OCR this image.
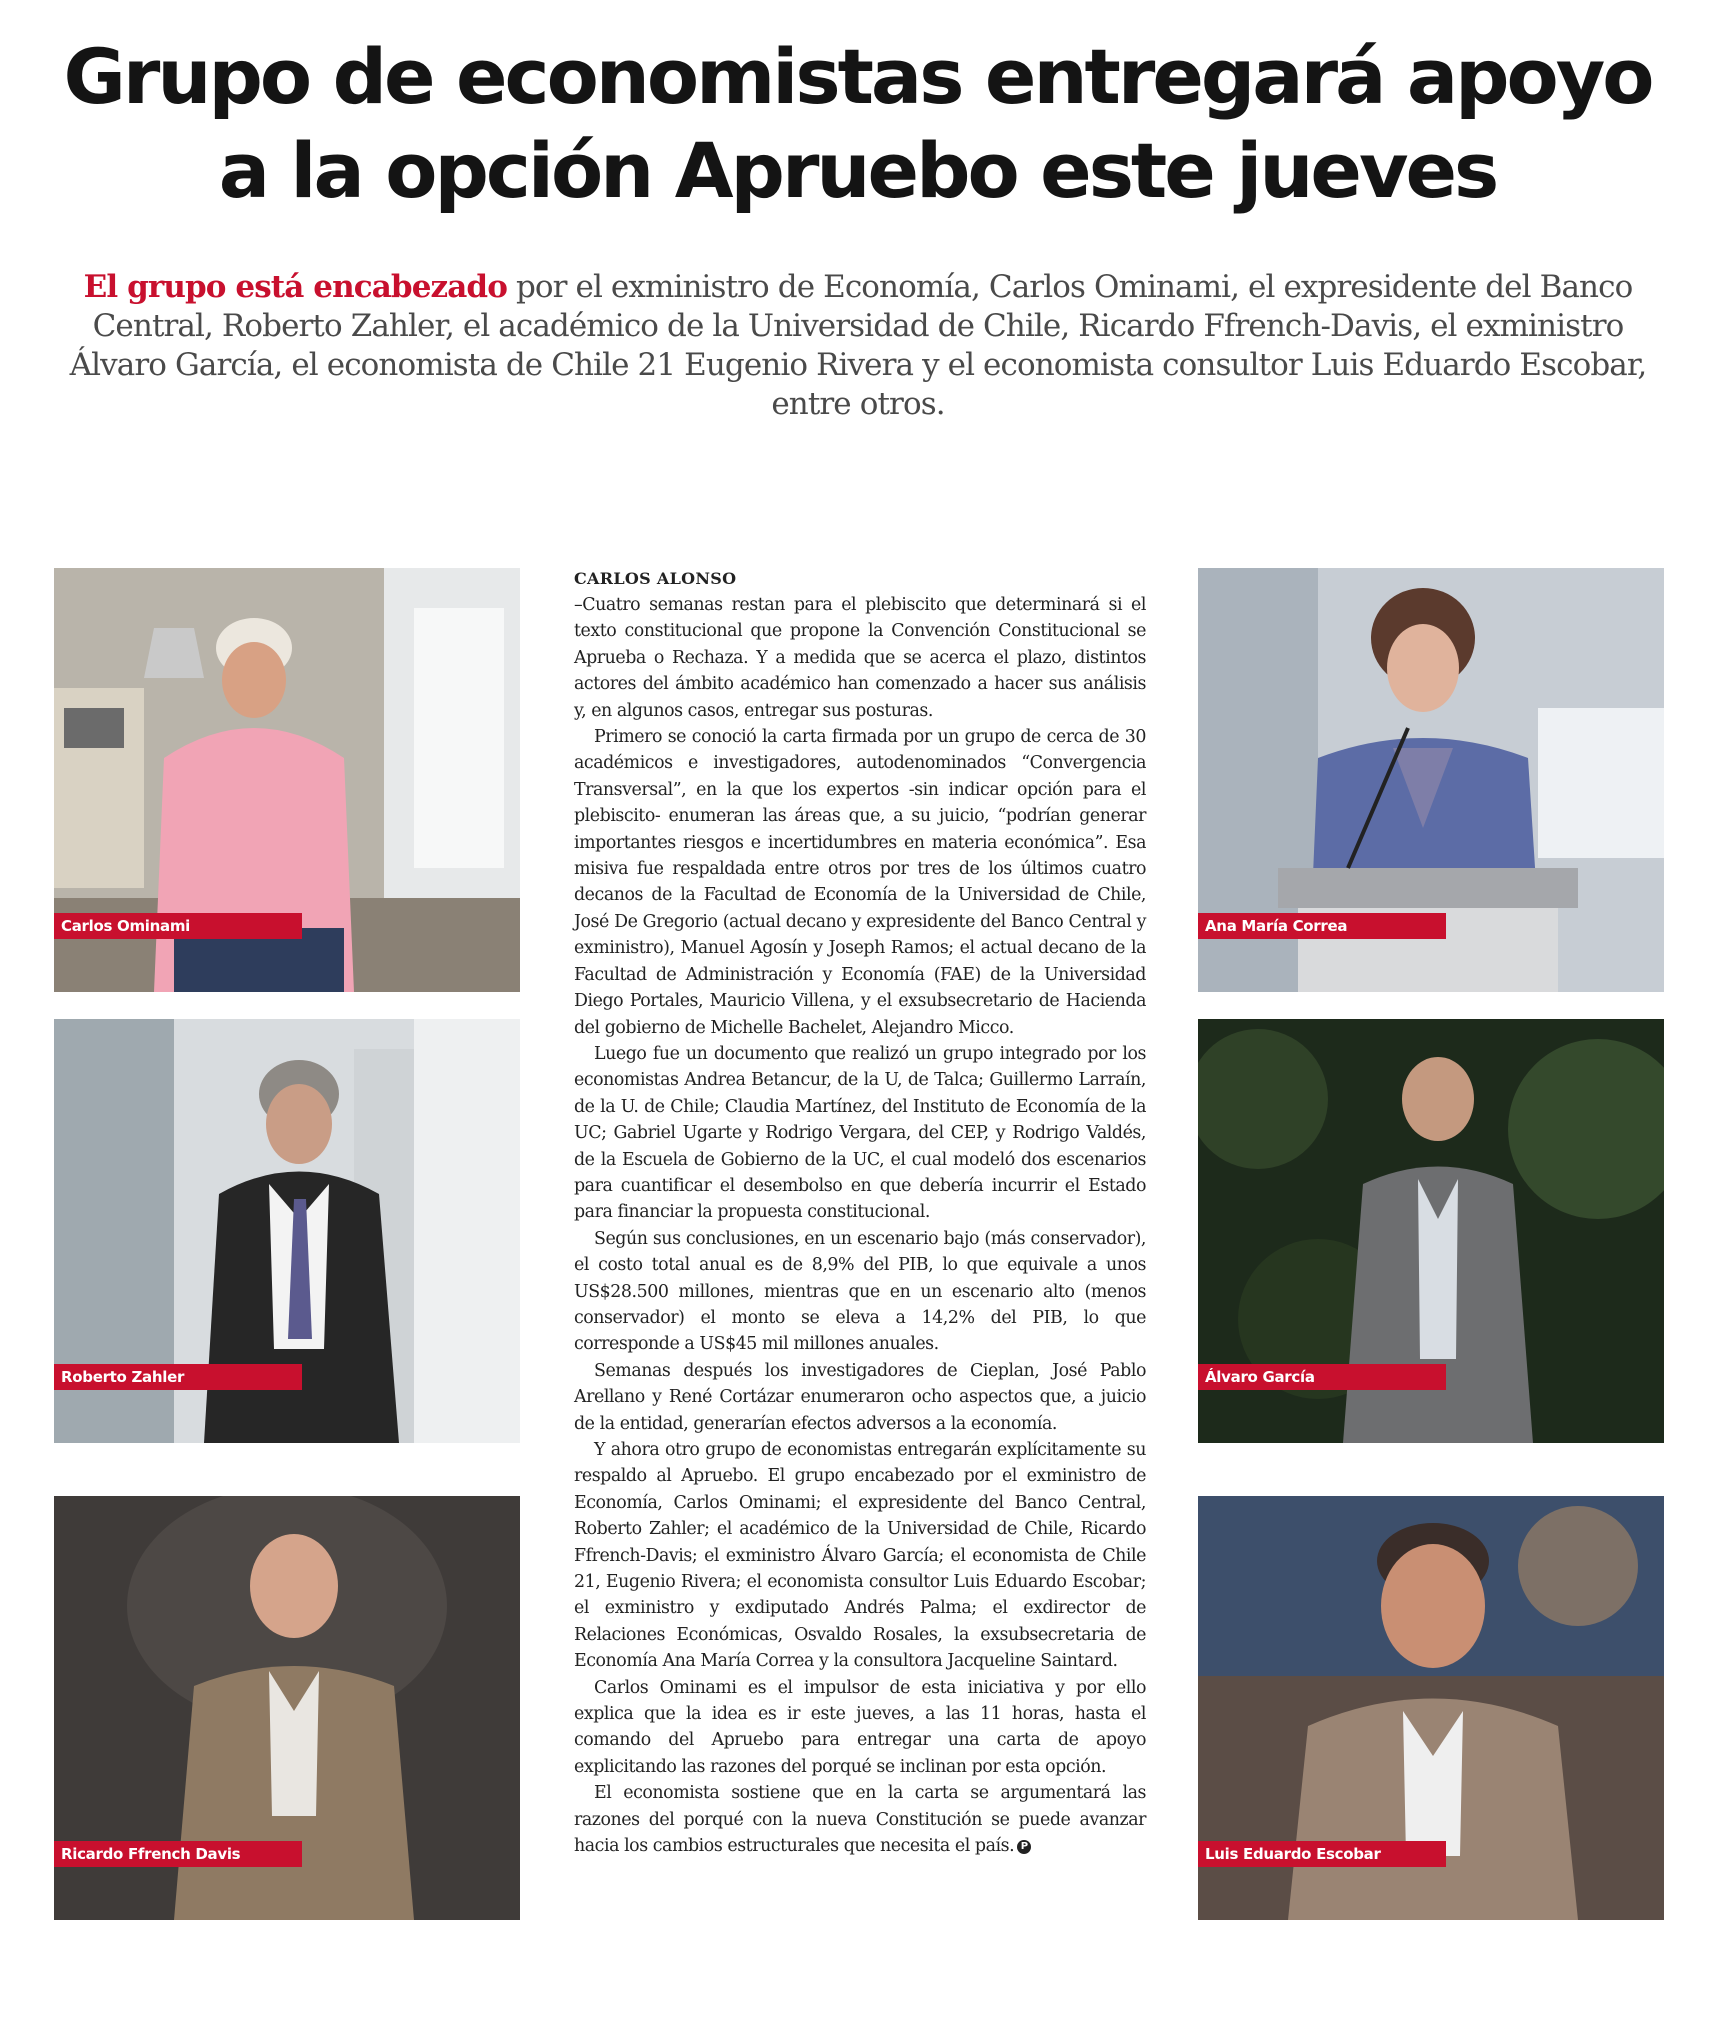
Grupo de economistas entregará apoyo a la opción Apruebo este jueves

El grupo está encabezado por el exministro de Economía, Carlos Ominami, el expresidente del Banco Central, Roberto Zahler, el académico de la Universidad de Chile, Ricardo Ffrench-Davis, el exministro Álvaro García, el economista de Chile 21 Eugenio Rivera y el economista consultor Luis Eduardo Escobar, entre otros.

Carlos Ominami
Roberto Zahler
Ricardo Ffrench Davis
Ana María Correa
Álvaro García
Luis Eduardo Escobar

CARLOS ALONSO

–Cuatro semanas restan para el plebiscito que determinará si el texto constitucional que propone la Convención Constitucional se Aprueba o Rechaza. Y a medida que se acerca el plazo, distintos actores del ámbito académico han comenzado a hacer sus análisis y, en algunos casos, entregar sus posturas.

Primero se conoció la carta firmada por un grupo de cerca de 30 académicos e investigadores, autodenominados “Convergencia Transversal”, en la que los expertos -sin indicar opción para el plebiscito- enumeran las áreas que, a su juicio, “podrían generar importantes riesgos e incertidumbres en materia económica”. Esa misiva fue respaldada entre otros por tres de los últimos cuatro decanos de la Facultad de Economía de la Universidad de Chile, José De Gregorio (actual decano y expresidente del Banco Central y exministro), Manuel Agosín y Joseph Ramos; el actual decano de la Facultad de Administración y Economía (FAE) de la Universidad Diego Portales, Mauricio Villena, y el exsubsecretario de Hacienda del gobierno de Michelle Bachelet, Alejandro Micco.

Luego fue un documento que realizó un grupo integrado por los economistas Andrea Betancur, de la U, de Talca; Guillermo Larraín, de la U. de Chile; Claudia Martínez, del Instituto de Economía de la UC; Gabriel Ugarte y Rodrigo Vergara, del CEP, y Rodrigo Valdés, de la Escuela de Gobierno de la UC, el cual modeló dos escenarios para cuantificar el desembolso en que debería incurrir el Estado para financiar la propuesta constitucional.

Según sus conclusiones, en un escenario bajo (más conservador), el costo total anual es de 8,9% del PIB, lo que equivale a unos US$28.500 millones, mientras que en un escenario alto (menos conservador) el monto se eleva a 14,2% del PIB, lo que corresponde a US$45 mil millones anuales.

Semanas después los investigadores de Cieplan, José Pablo Arellano y René Cortázar enumeraron ocho aspectos que, a juicio de la entidad, generarían efectos adversos a la economía.

Y ahora otro grupo de economistas entregarán explícitamente su respaldo al Apruebo. El grupo encabezado por el exministro de Economía, Carlos Ominami; el expresidente del Banco Central, Roberto Zahler; el académico de la Universidad de Chile, Ricardo Ffrench-Davis; el exministro Álvaro García; el economista de Chile 21, Eugenio Rivera; el economista consultor Luis Eduardo Escobar; el exministro y exdiputado Andrés Palma; el exdirector de Relaciones Económicas, Osvaldo Rosales, la exsubsecretaria de Economía Ana María Correa y la consultora Jacqueline Saintard.

Carlos Ominami es el impulsor de esta iniciativa y por ello explica que la idea es ir este jueves, a las 11 horas, hasta el comando del Apruebo para entregar una carta de apoyo explicitando las razones del porqué se inclinan por esta opción.

El economista sostiene que en la carta se argumentará las razones del porqué con la nueva Constitución se puede avanzar hacia los cambios estructurales que necesita el país. P
